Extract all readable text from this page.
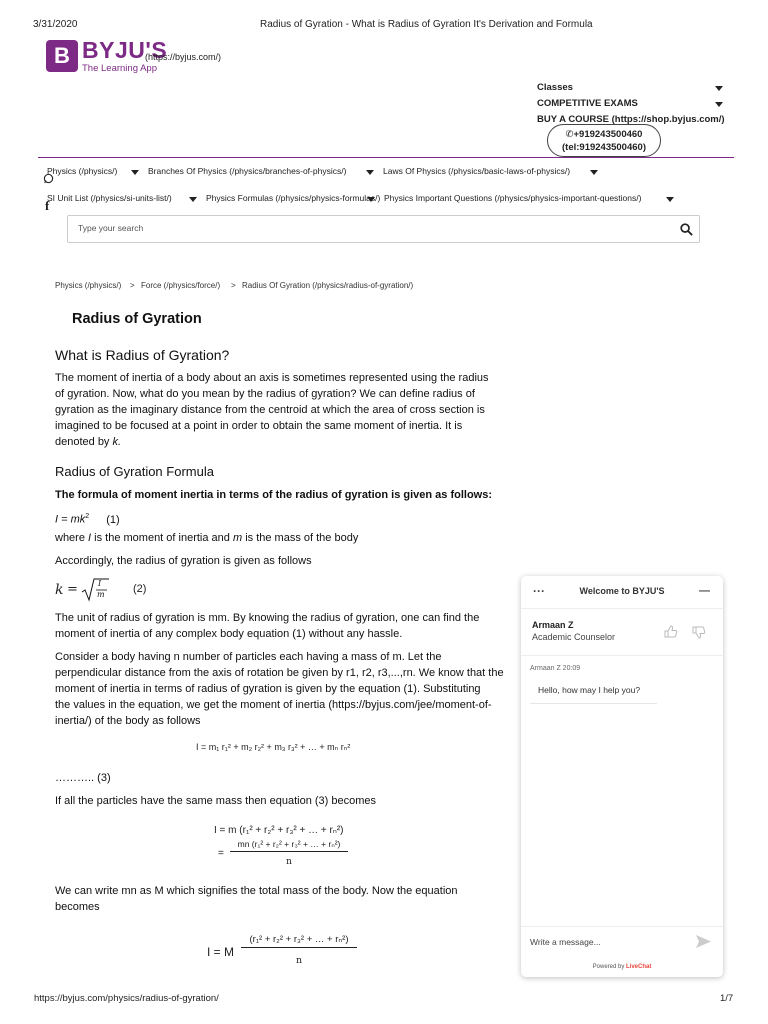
3/31/2020	Radius of Gyration - What is Radius of Gyration It's Derivation and Formula
B BYJU'S
The Learning App
(https://byjus.com/)
Classes
COMPETITIVE EXAMS
BUY A COURSE (https://shop.byjus.com/)
✆+919243500460
(tel:919243500460)
f
Physics (/physics/)	Branches Of Physics (/physics/branches-of-physics/)	Laws Of Physics (/physics/basic-laws-of-physics/)
SI Unit List (/physics/si-units-list/)	Physics Formulas (/physics/physics-formulas/) Physics Important Questions (/physics/physics-important-questions/)
Type your search
Physics (/physics/) > Force (/physics/force/) > Radius Of Gyration (/physics/radius-of-gyration/)
Radius of Gyration
What is Radius of Gyration?
The moment of inertia of a body about an axis is sometimes represented using the radius
of gyration. Now, what do you mean by the radius of gyration? We can define radius of
gyration as the imaginary distance from the centroid at which the area of cross section is
imagined to be focused at a point in order to obtain the same moment of inertia. It is
denoted by k.
Radius of Gyration Formula
The formula of moment inertia in terms of the radius of gyration is given as follows:
$I = mk^2$ (1)
where I is the moment of inertia and m is the mass of the body
Accordingly, the radius of gyration is given as follows
k =	I
m	(2)
The unit of radius of gyration is mm. By knowing the radius of gyration, one can find the
moment of inertia of any complex body equation (1) without any hassle.
Consider a body having n number of particles each having a mass of m. Let the
perpendicular distance from the axis of rotation be given by r1, r2, r3,...,rn. We know that the
moment of inertia in terms of radius of gyration is given by the equation (1). Substituting
the values in the equation, we get the moment of inertia (https://byjus.com/jee/moment-of-
inertia/) of the body as follows
I = m₁ r₁² + m₂ r₂² + m₃ r₃² + … + mₙ rₙ²
……….. (3)
If all the particles have the same mass then equation (3) becomes
I = m (r₁² + r₂² + r₃² + … + rₙ²)
=
mn (r₁² + r₂² + r₃² + … + rₙ²)
n
We can write mn as M which signifies the total mass of the body. Now the equation
becomes
I = M
(r₁² + r₂² + r₃² + … + rₙ²)
n
···	Welcome to BYJU'S	—
Armaan Z
Academic Counselor
Armaan Z 20:09
Hello, how may I help you?
Write a message...
Powered by LiveChat
https://byjus.com/physics/radius-of-gyration/	1/7
